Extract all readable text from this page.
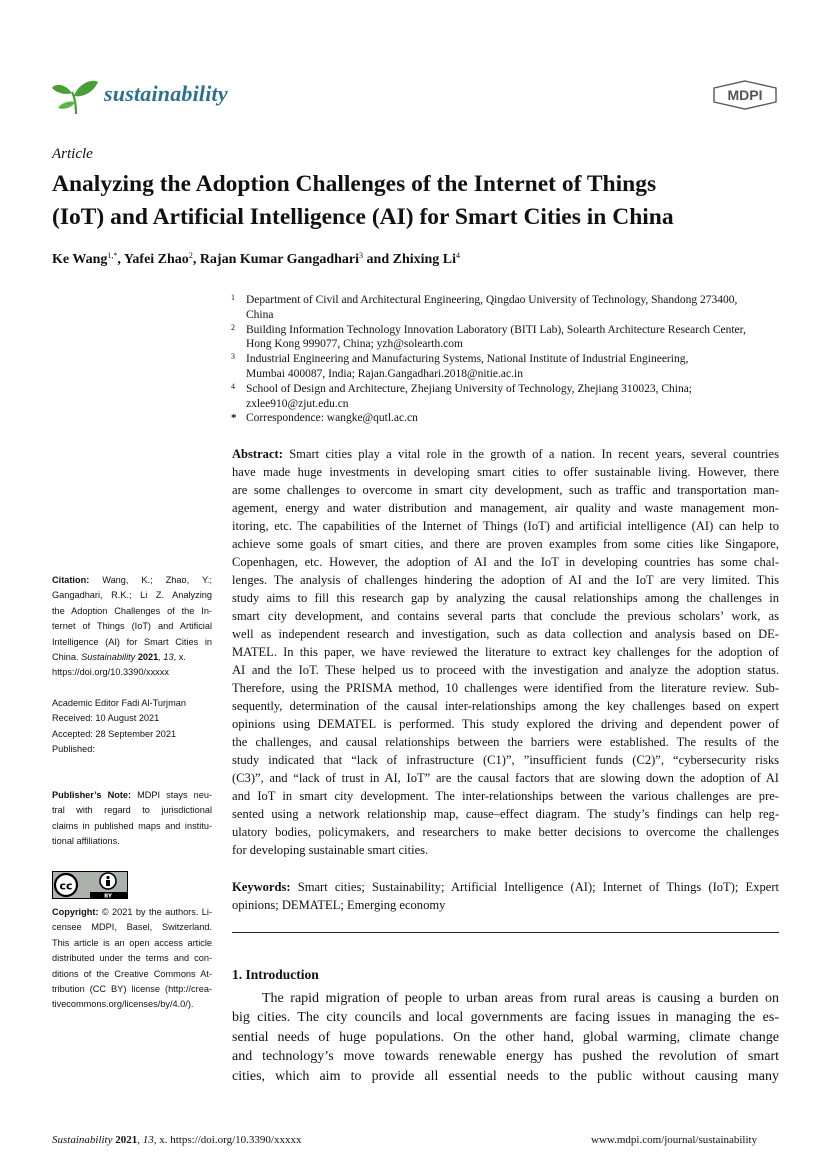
sustainability	MDPI
Article
Analyzing the Adoption Challenges of the Internet of Things
(IoT) and Artificial Intelligence (AI) for Smart Cities in China
Ke Wang$^{1,*}$, Yafei Zhao$^2$, Rajan Kumar Gangadhari$^3$ and Zhixing Li$^4$
1 Department of Civil and Architectural Engineering, Qingdao University of Technology, Shandong 273400,
China
2 Building Information Technology Innovation Laboratory (BITI Lab), Solearth Architecture Research Center,
Hong Kong 999077, China; yzh@solearth.com
3 Industrial Engineering and Manufacturing Systems, National Institute of Industrial Engineering,
Mumbai 400087, India; Rajan.Gangadhari.2018@nitie.ac.in
4 School of Design and Architecture, Zhejiang University of Technology, Zhejiang 310023, China;
zxlee910@zjut.edu.cn
* Correspondence: wangke@qutl.ac.cn
Abstract: Smart cities play a vital role in the growth of a nation. In recent years, several countries
have made huge investments in developing smart cities to offer sustainable living. However, there
are some challenges to overcome in smart city development, such as traffic and transportation man-
agement, energy and water distribution and management, air quality and waste management mon-
itoring, etc. The capabilities of the Internet of Things (IoT) and artificial intelligence (AI) can help to
achieve some goals of smart cities, and there are proven examples from some cities like Singapore,
Copenhagen, etc. However, the adoption of AI and the IoT in developing countries has some chal-
lenges. The analysis of challenges hindering the adoption of AI and the IoT are very limited. This
study aims to fill this research gap by analyzing the causal relationships among the challenges in
smart city development, and contains several parts that conclude the previous scholars’ work, as
well as independent research and investigation, such as data collection and analysis based on DE-
MATEL. In this paper, we have reviewed the literature to extract key challenges for the adoption of
AI and the IoT. These helped us to proceed with the investigation and analyze the adoption status.
Therefore, using the PRISMA method, 10 challenges were identified from the literature review. Sub-
sequently, determination of the causal inter-relationships among the key challenges based on expert
opinions using DEMATEL is performed. This study explored the driving and dependent power of
the challenges, and causal relationships between the barriers were established. The results of the
study indicated that “lack of infrastructure (C1)”, ”insufficient funds (C2)”, “cybersecurity risks
(C3)”, and “lack of trust in AI, IoT” are the causal factors that are slowing down the adoption of AI
and IoT in smart city development. The inter-relationships between the various challenges are pre-
sented using a network relationship map, cause–effect diagram. The study’s findings can help reg-
ulatory bodies, policymakers, and researchers to make better decisions to overcome the challenges
for developing sustainable smart cities.
Keywords: Smart cities; Sustainability; Artificial Intelligence (AI); Internet of Things (IoT); Expert
opinions; DEMATEL; Emerging economy
1. Introduction
The rapid migration of people to urban areas from rural areas is causing a burden on
big cities. The city councils and local governments are facing issues in managing the es-
sential needs of huge populations. On the other hand, global warming, climate change
and technology’s move towards renewable energy has pushed the revolution of smart
cities, which aim to provide all essential needs to the public without causing many
Citation: Wang, K.; Zhao, Y.;
Gangadhari, R.K.; Li Z. Analyzing
the Adoption Challenges of the In-
ternet of Things (IoT) and Artificial
Intelligence (AI) for Smart Cities in
China. Sustainability 2021, 13, x.
https://doi.org/10.3390/xxxxx
Academic Editor Fadi Al-Turjman
Received: 10 August 2021
Accepted: 28 September 2021
Published:
Publisher’s Note: MDPI stays neu-
tral with regard to jurisdictional
claims in published maps and institu-
tional affiliations.
Copyright: © 2021 by the authors. Li-
censee MDPI, Basel, Switzerland.
This article is an open access article
distributed under the terms and con-
ditions of the Creative Commons At-
tribution (CC BY) license (http://crea-
tivecommons.org/licenses/by/4.0/).
cc
BY
Sustainability 2021, 13, x. https://doi.org/10.3390/xxxxx	www.mdpi.com/journal/sustainability
